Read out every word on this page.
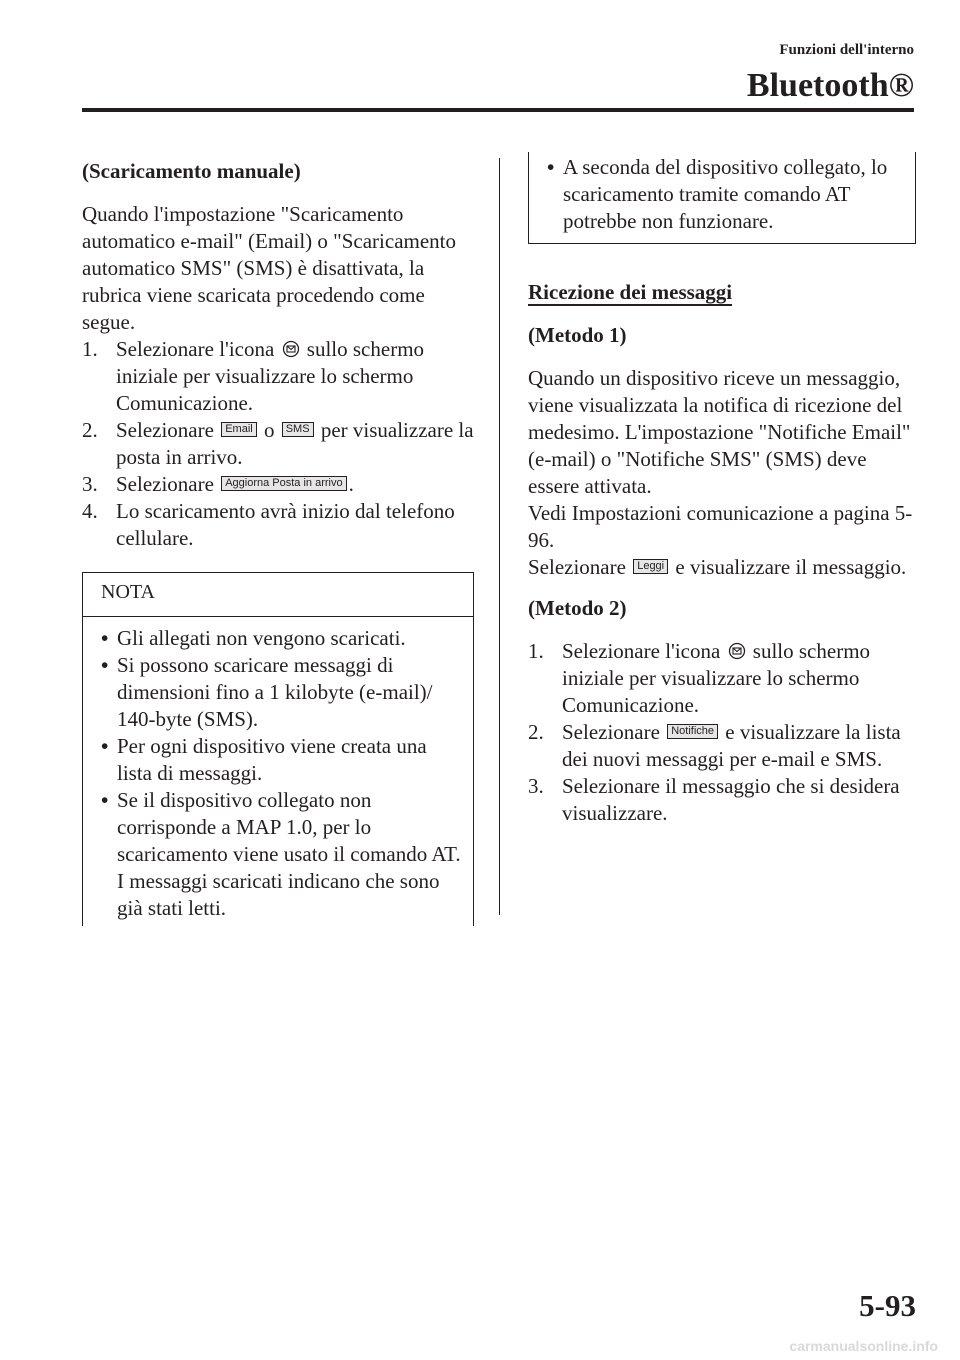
Funzioni dell'interno
Bluetooth®
(Scaricamento manuale)
Quando l'impostazione "Scaricamento automatico e-mail" (Email) o "Scaricamento automatico SMS" (SMS) è disattivata, la rubrica viene scaricata procedendo come segue.
1. Selezionare l'icona sullo schermo iniziale per visualizzare lo schermo Comunicazione.
2. Selezionare Email o SMS per visualizzare la posta in arrivo.
3. Selezionare Aggiorna Posta in arrivo .
4. Lo scaricamento avrà inizio dal telefono cellulare.
NOTA
• Gli allegati non vengono scaricati.
• Si possono scaricare messaggi di dimensioni fino a 1 kilobyte (e-mail)/ 140-byte (SMS).
• Per ogni dispositivo viene creata una lista di messaggi.
• Se il dispositivo collegato non corrisponde a MAP 1.0, per lo scaricamento viene usato il comando AT. I messaggi scaricati indicano che sono già stati letti.
• A seconda del dispositivo collegato, lo scaricamento tramite comando AT potrebbe non funzionare.
Ricezione dei messaggi
(Metodo 1)
Quando un dispositivo riceve un messaggio, viene visualizzata la notifica di ricezione del medesimo. L'impostazione "Notifiche Email" (e-mail) o "Notifiche SMS" (SMS) deve essere attivata.
Vedi Impostazioni comunicazione a pagina 5-96.
Selezionare Leggi e visualizzare il messaggio.
(Metodo 2)
1. Selezionare l'icona sullo schermo iniziale per visualizzare lo schermo Comunicazione.
2. Selezionare Notifiche e visualizzare la lista dei nuovi messaggi per e-mail e SMS.
3. Selezionare il messaggio che si desidera visualizzare.
5-93
carmanualsonline.info
